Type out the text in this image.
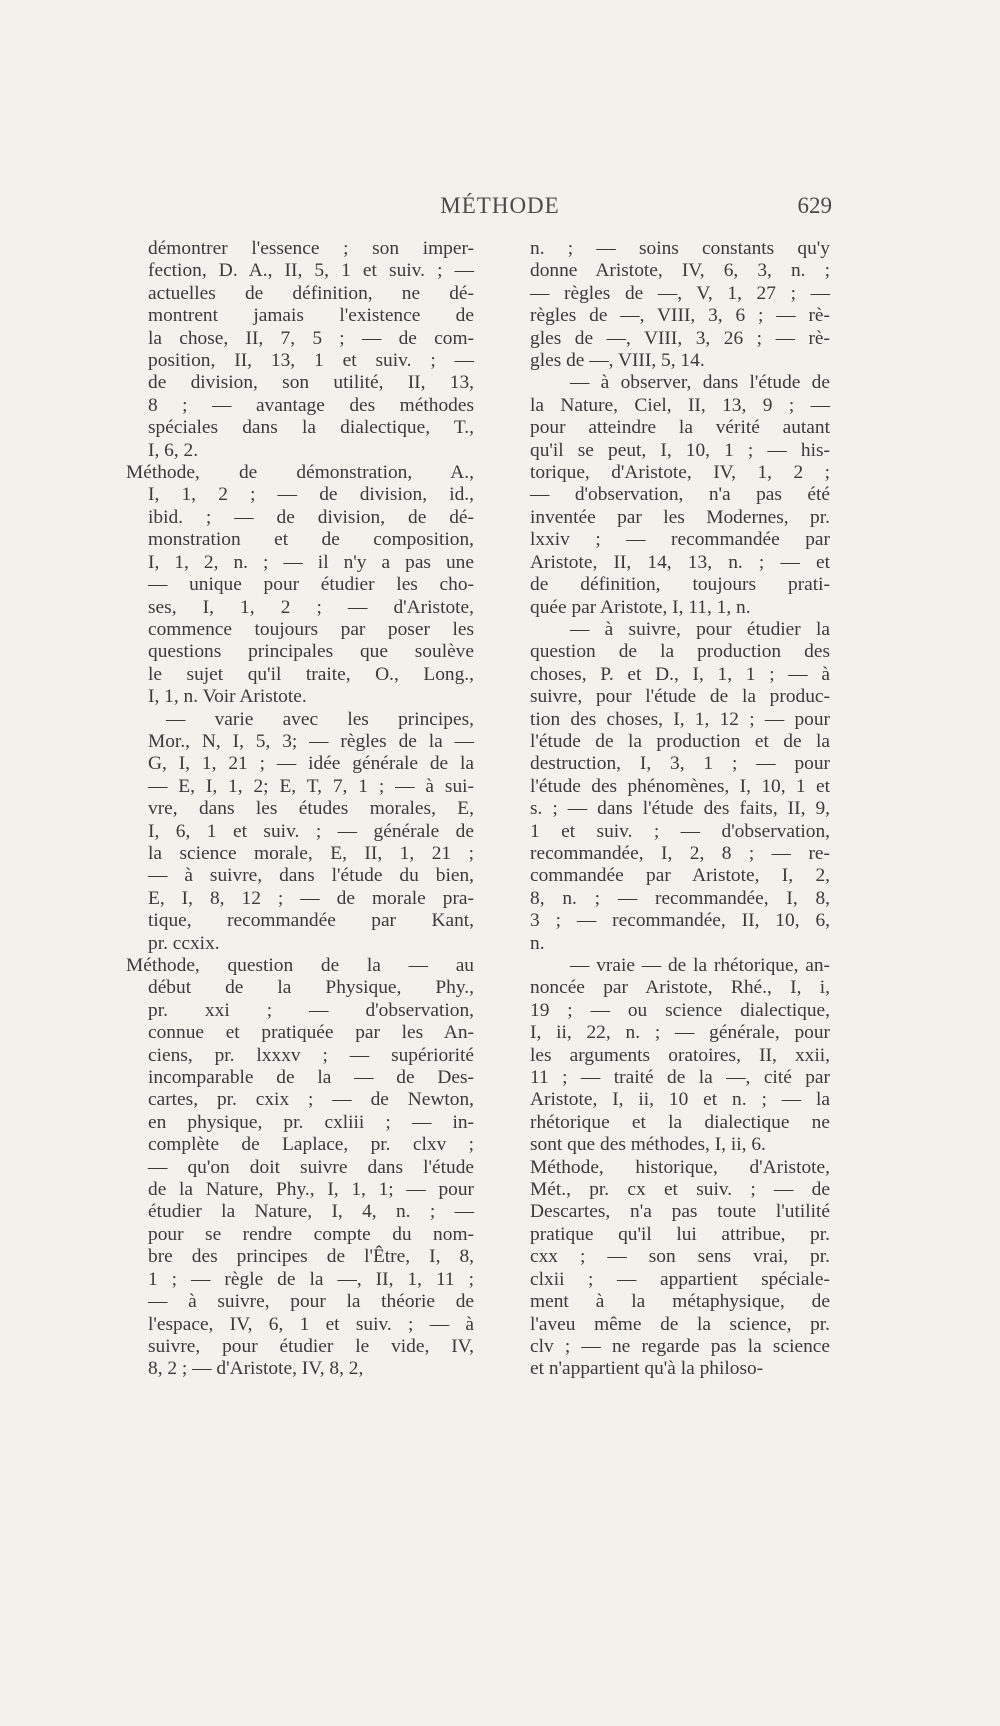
MÉTHODE	629
démontrer l'essence ; son imper-
fection, D. A., II, 5, 1 et suiv. ; —
actuelles de définition, ne dé-
montrent jamais l'existence de
la chose, II, 7, 5 ; — de com-
position, II, 13, 1 et suiv. ; —
de division, son utilité, II, 13,
8 ; — avantage des méthodes
spéciales dans la dialectique, T.,
I, 6, 2.
Méthode, de démonstration, A.,
I, 1, 2 ; — de division, id.,
ibid. ; — de division, de dé-
monstration et de composition,
I, 1, 2, n. ; — il n'y a pas une
— unique pour étudier les cho-
ses, I, 1, 2 ; — d'Aristote,
commence toujours par poser les
questions principales que soulève
le sujet qu'il traite, O., Long.,
I, 1, n. Voir Aristote.
— varie avec les principes,
Mor., N, I, 5, 3; — règles de la —
G, I, 1, 21 ; — idée générale de la
— E, I, 1, 2; E, T, 7, 1 ; — à sui-
vre, dans les études morales, E,
I, 6, 1 et suiv. ; — générale de
la science morale, E, II, 1, 21 ;
— à suivre, dans l'étude du bien,
E, I, 8, 12 ; — de morale pra-
tique, recommandée par Kant,
pr. ccxix.
Méthode, question de la — au
début de la Physique, Phy.,
pr. xxi ; — d'observation,
connue et pratiquée par les An-
ciens, pr. lxxxv ; — supériorité
incomparable de la — de Des-
cartes, pr. cxix ; — de Newton,
en physique, pr. cxliii ; — in-
complète de Laplace, pr. clxv ;
— qu'on doit suivre dans l'étude
de la Nature, Phy., I, 1, 1; — pour
étudier la Nature, I, 4, n. ; —
pour se rendre compte du nom-
bre des principes de l'Être, I, 8,
1 ; — règle de la —, II, 1, 11 ;
— à suivre, pour la théorie de
l'espace, IV, 6, 1 et suiv. ; — à
suivre, pour étudier le vide, IV,
8, 2 ; — d'Aristote, IV, 8, 2,
n. ; — soins constants qu'y
donne Aristote, IV, 6, 3, n. ;
— règles de —, V, 1, 27 ; —
règles de —, VIII, 3, 6 ; — rè-
gles de —, VIII, 3, 26 ; — rè-
gles de —, VIII, 5, 14.
— à observer, dans l'étude de
la Nature, Ciel, II, 13, 9 ; —
pour atteindre la vérité autant
qu'il se peut, I, 10, 1 ; — his-
torique, d'Aristote, IV, 1, 2 ;
— d'observation, n'a pas été
inventée par les Modernes, pr.
lxxiv ; — recommandée par
Aristote, II, 14, 13, n. ; — et
de définition, toujours prati-
quée par Aristote, I, 11, 1, n.
— à suivre, pour étudier la
question de la production des
choses, P. et D., I, 1, 1 ; — à
suivre, pour l'étude de la produc-
tion des choses, I, 1, 12 ; — pour
l'étude de la production et de la
destruction, I, 3, 1 ; — pour
l'étude des phénomènes, I, 10, 1 et
s. ; — dans l'étude des faits, II, 9,
1 et suiv. ; — d'observation,
recommandée, I, 2, 8 ; — re-
commandée par Aristote, I, 2,
8, n. ; — recommandée, I, 8,
3 ; — recommandée, II, 10, 6,
n.
— vraie — de la rhétorique, an-
noncée par Aristote, Rhé., I, i,
19 ; — ou science dialectique,
I, ii, 22, n. ; — générale, pour
les arguments oratoires, II, xxii,
11 ; — traité de la —, cité par
Aristote, I, ii, 10 et n. ; — la
rhétorique et la dialectique ne
sont que des méthodes, I, ii, 6.
Méthode, historique, d'Aristote,
Mét., pr. cx et suiv. ; — de
Descartes, n'a pas toute l'utilité
pratique qu'il lui attribue, pr.
cxx ; — son sens vrai, pr.
clxii ; — appartient spéciale-
ment à la métaphysique, de
l'aveu même de la science, pr.
clv ; — ne regarde pas la science
et n'appartient qu'à la philoso-
